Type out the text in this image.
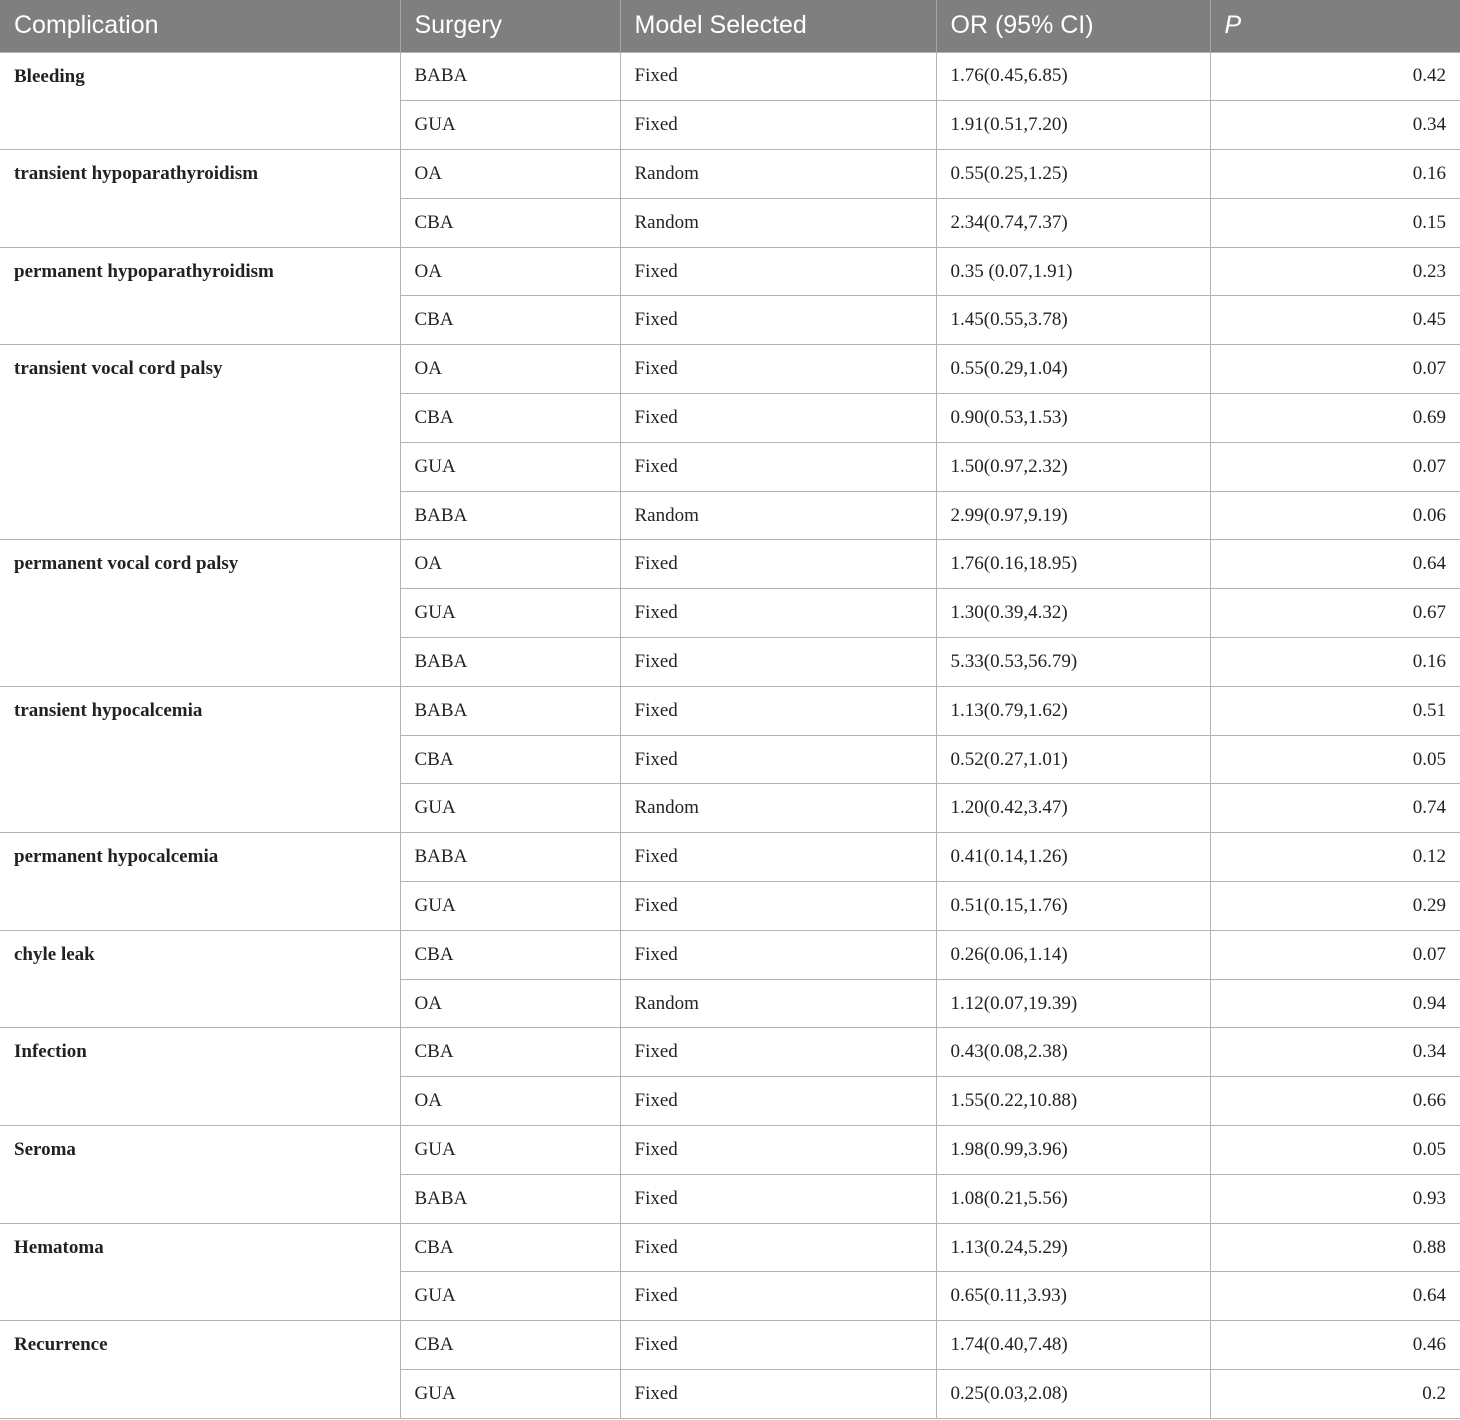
Complication	Surgery	Model Selected	OR (95% CI)	P
Bleeding	BABA	Fixed	1.76(0.45,6.85)	0.42
	GUA	Fixed	1.91(0.51,7.20)	0.34
transient hypoparathyroidism	OA	Random	0.55(0.25,1.25)	0.16
	CBA	Random	2.34(0.74,7.37)	0.15
permanent hypoparathyroidism	OA	Fixed	0.35 (0.07,1.91)	0.23
	CBA	Fixed	1.45(0.55,3.78)	0.45
transient vocal cord palsy	OA	Fixed	0.55(0.29,1.04)	0.07
	CBA	Fixed	0.90(0.53,1.53)	0.69
	GUA	Fixed	1.50(0.97,2.32)	0.07
	BABA	Random	2.99(0.97,9.19)	0.06
permanent vocal cord palsy	OA	Fixed	1.76(0.16,18.95)	0.64
	GUA	Fixed	1.30(0.39,4.32)	0.67
	BABA	Fixed	5.33(0.53,56.79)	0.16
transient hypocalcemia	BABA	Fixed	1.13(0.79,1.62)	0.51
	CBA	Fixed	0.52(0.27,1.01)	0.05
	GUA	Random	1.20(0.42,3.47)	0.74
permanent hypocalcemia	BABA	Fixed	0.41(0.14,1.26)	0.12
	GUA	Fixed	0.51(0.15,1.76)	0.29
chyle leak	CBA	Fixed	0.26(0.06,1.14)	0.07
	OA	Random	1.12(0.07,19.39)	0.94
Infection	CBA	Fixed	0.43(0.08,2.38)	0.34
	OA	Fixed	1.55(0.22,10.88)	0.66
Seroma	GUA	Fixed	1.98(0.99,3.96)	0.05
	BABA	Fixed	1.08(0.21,5.56)	0.93
Hematoma	CBA	Fixed	1.13(0.24,5.29)	0.88
	GUA	Fixed	0.65(0.11,3.93)	0.64
Recurrence	CBA	Fixed	1.74(0.40,7.48)	0.46
	GUA	Fixed	0.25(0.03,2.08)	0.2
